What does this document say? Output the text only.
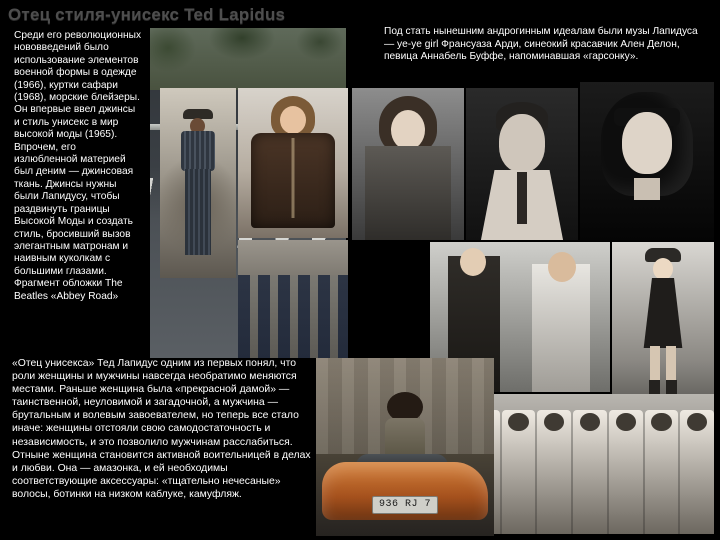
Отец стиля-унисекс Ted Lapidus
936 RJ 7
Среди его революционных нововведений было использование элементов военной формы в одежде (1966), куртки сафари (1968), морские блейзеры. Он впервые ввел джинсы и стиль унисекс в мир высокой моды (1965). Впрочем, его излюбленной материей был деним — джинсовая ткань. Джинсы нужны были Лапидусу, чтобы раздвинуть границы Высокой Моды и создать стиль, бросивший вызов элегантным матронам и наивным куколкам с большими глазами. Фрагмент обложки The Beatles «Abbey Road»
Под стать нынешним андрогинным идеалам были музы Лапидуса — ye-ye girl Франсуаза Арди, синеокий красавчик Ален Делон, певица Аннабель Буффе, напоминавшая «гарсонку».
«Отец унисекса» Тед Лапидус одним из первых понял, что роли женщины и мужчины навсегда необратимо меняются местами. Раньше женщина была «прекрасной дамой» — таинственной, неуловимой и загадочной, а мужчина — брутальным и волевым завоевателем, но теперь все стало иначе: женщины отстояли свою самодостаточность и независимость, и это позволило мужчинам расслабиться. Отныне женщина становится активной воительницей в делах и любви. Она — амазонка, и ей необходимы соответствующие аксессуары: «тщательно нечесаные» волосы, ботинки на низком каблуке, камуфляж.
